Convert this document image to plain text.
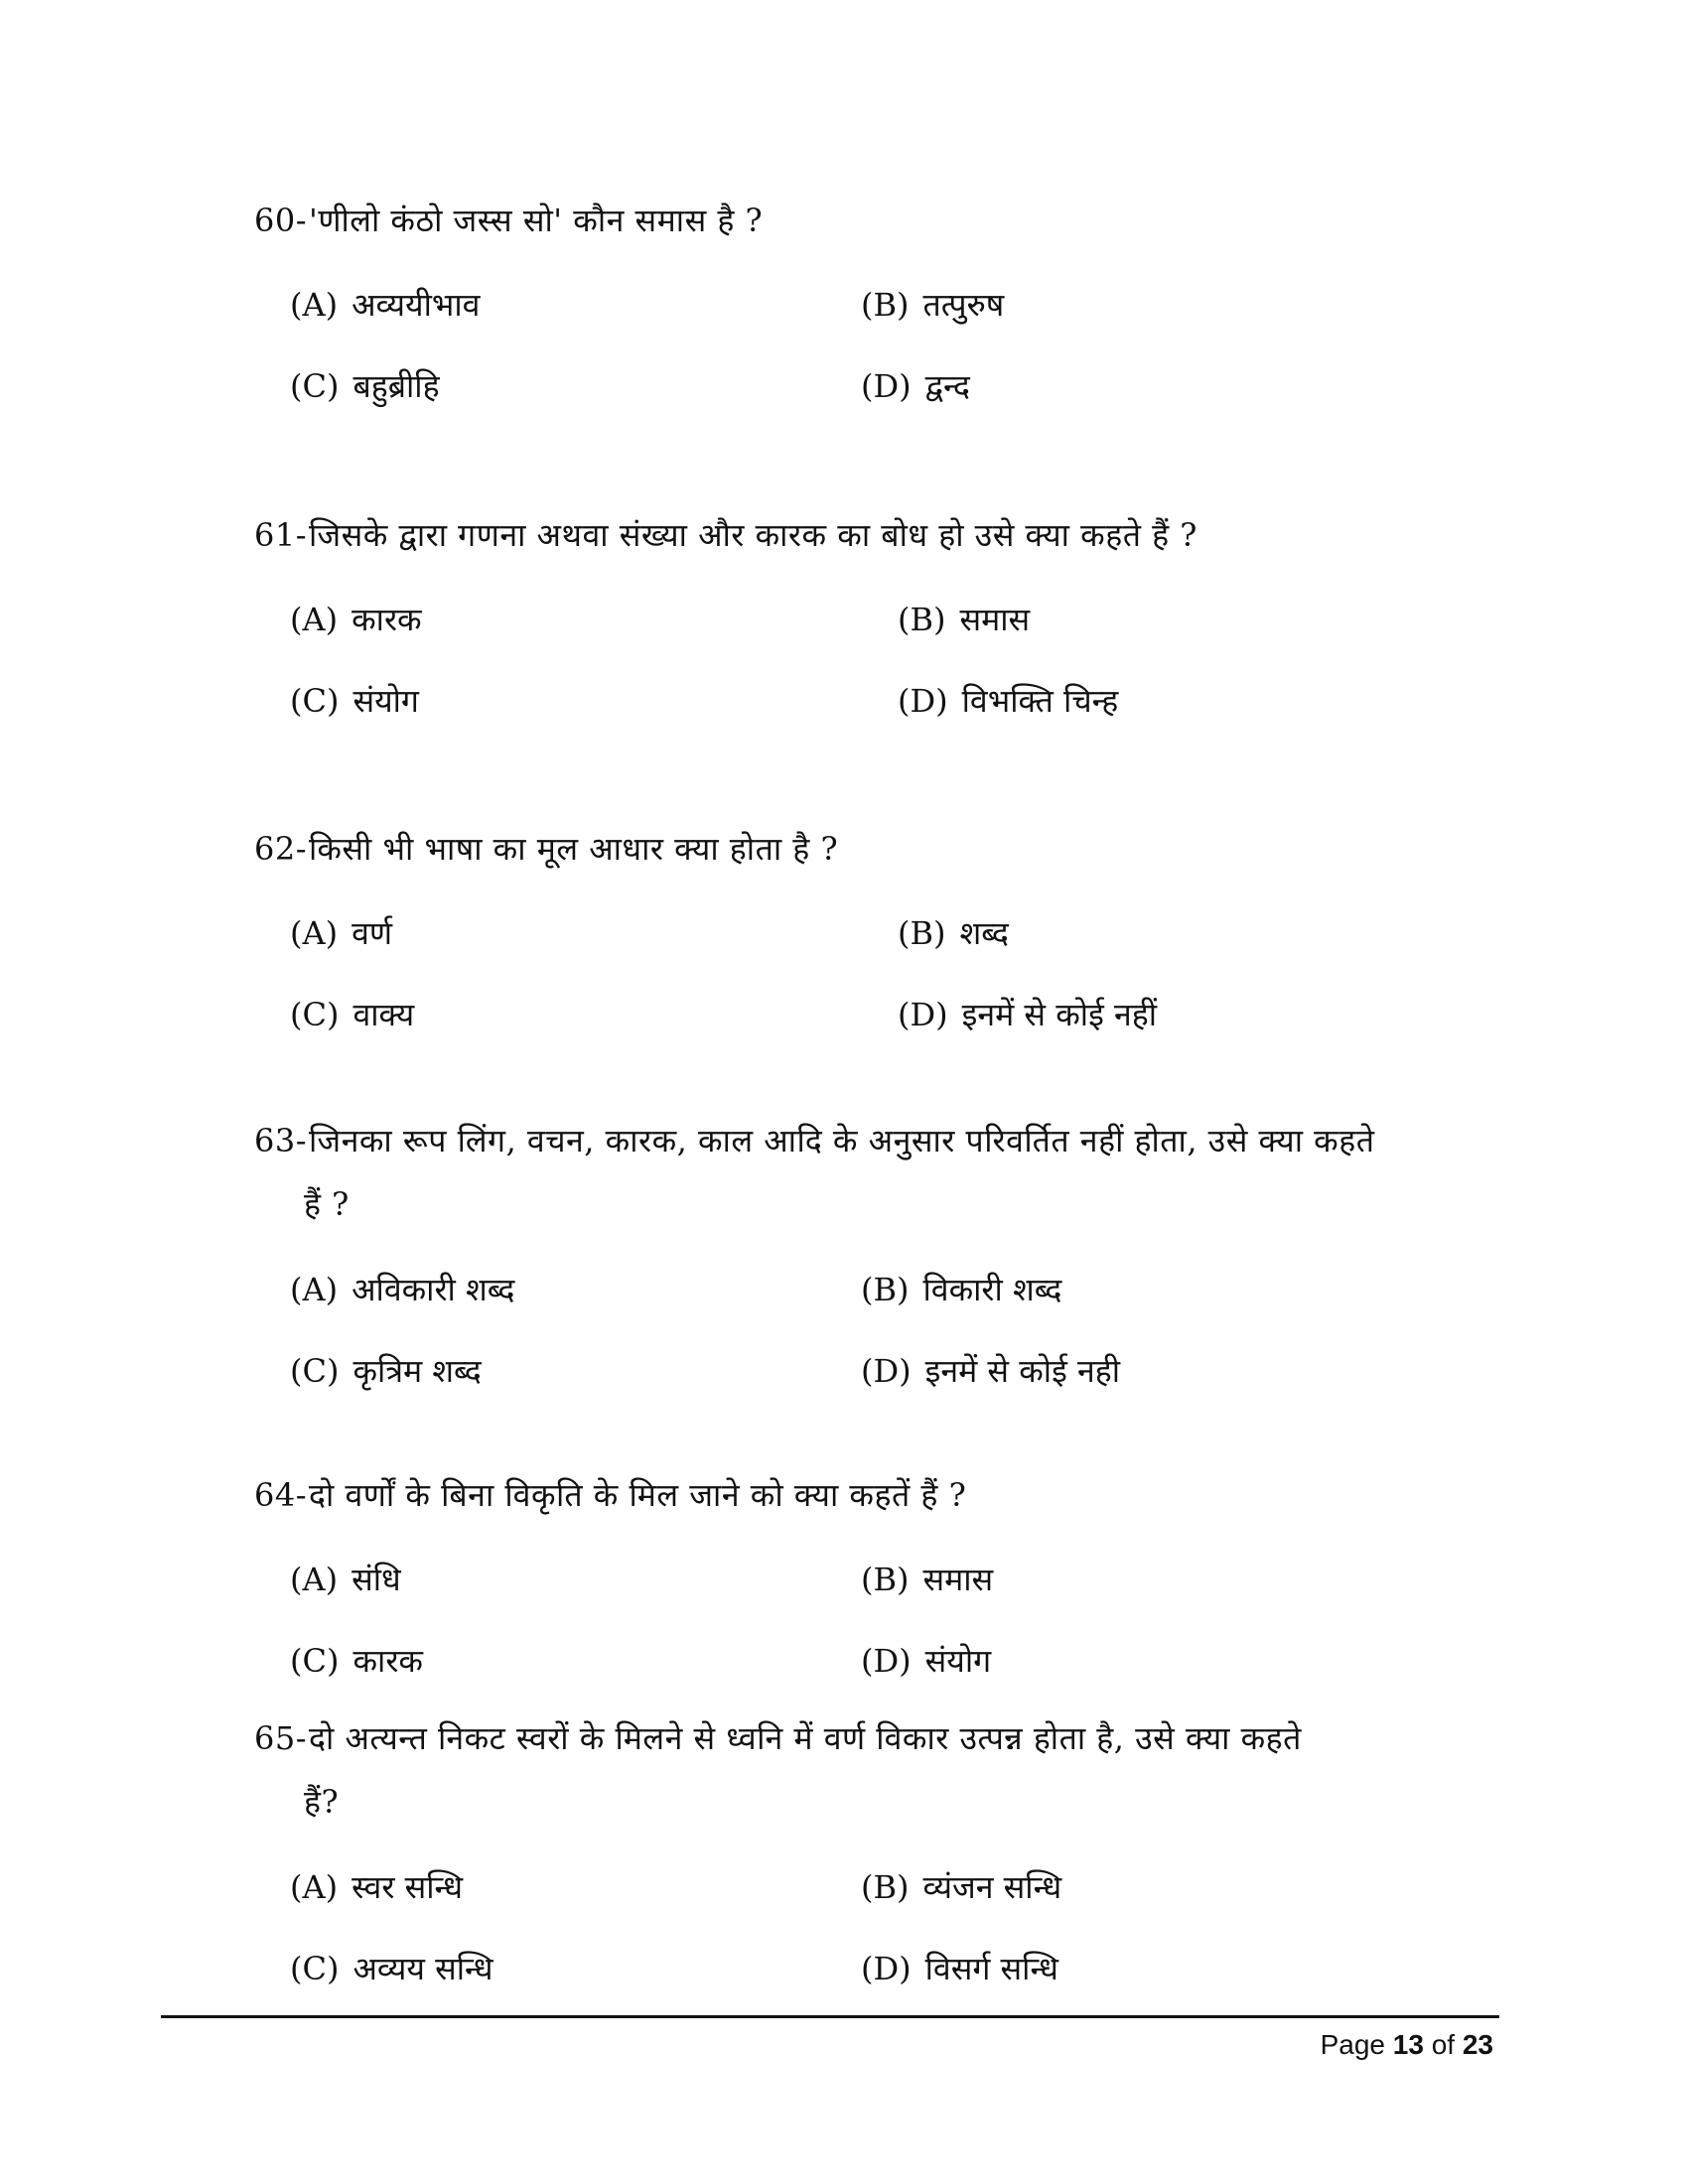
60-'णीलो कंठो जस्स सो' कौन समास है ?
(A) अव्ययीभाव	(B) तत्पुरुष
(C) बहुब्रीहि	(D) द्वन्द
61-जिसके द्वारा गणना अथवा संख्या और कारक का बोध हो उसे क्या कहते हैं ?
(A) कारक	(B) समास
(C) संयोग	(D) विभक्ति चिन्ह
62-किसी भी भाषा का मूल आधार क्या होता है ?
(A) वर्ण	(B) शब्द
(C) वाक्य	(D) इनमें से कोई नहीं
63-जिनका रूप लिंग, वचन, कारक, काल आदि के अनुसार परिवर्तित नहीं होता, उसे क्या कहते
हैं ?
(A) अविकारी शब्द	(B) विकारी शब्द
(C) कृत्रिम शब्द	(D) इनमें से कोई नही
64-दो वर्णों के बिना विकृति के मिल जाने को क्या कहतें हैं ?
(A) संधि	(B) समास
(C) कारक	(D) संयोग
65-दो अत्यन्त निकट स्वरों के मिलने से ध्वनि में वर्ण विकार उत्पन्न होता है, उसे क्या कहते
हैं?
(A) स्वर सन्धि	(B) व्यंजन सन्धि
(C) अव्यय सन्धि	(D) विसर्ग सन्धि
Page 13 of 23
